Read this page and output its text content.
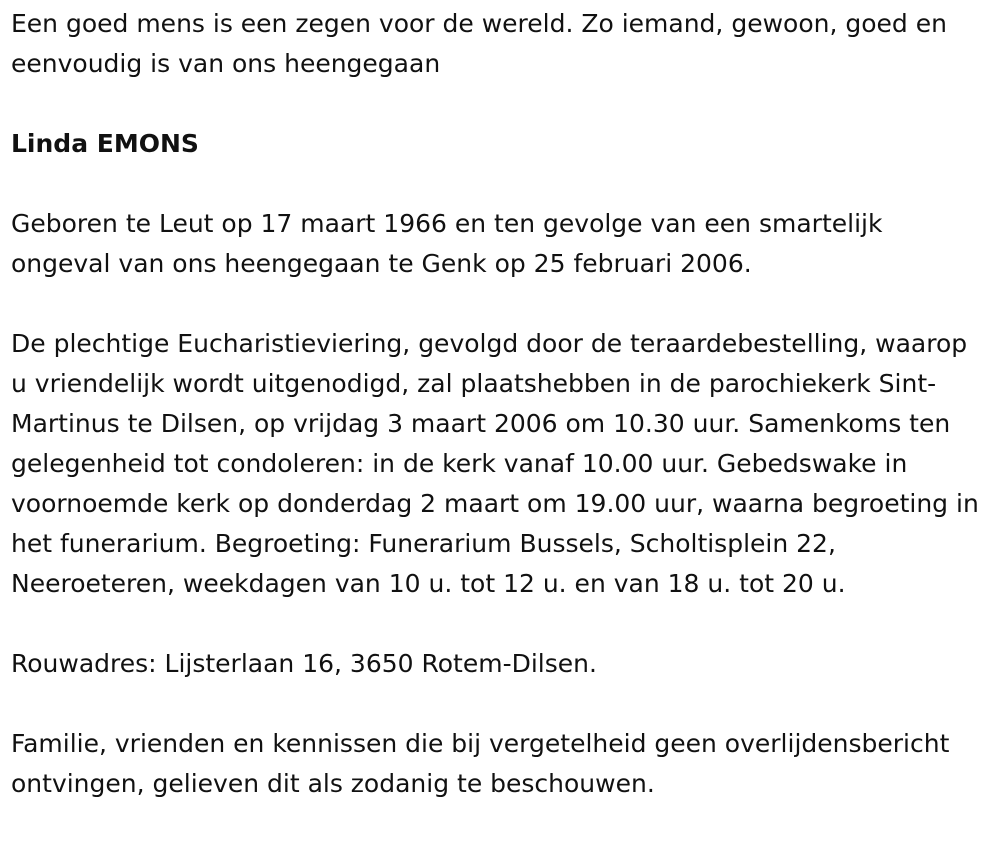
Een goed mens is een zegen voor de wereld. Zo iemand, gewoon, goed en eenvoudig is van ons heengegaan

Linda EMONS

Geboren te Leut op 17 maart 1966 en ten gevolge van een smartelijk ongeval van ons heengegaan te Genk op 25 februari 2006.

De plechtige Eucharistieviering, gevolgd door de teraardebestelling, waarop u vriendelijk wordt uitgenodigd, zal plaatshebben in de parochiekerk Sint-Martinus te Dilsen, op vrijdag 3 maart 2006 om 10.30 uur. Samenkoms ten gelegenheid tot condoleren: in de kerk vanaf 10.00 uur. Gebedswake in voornoemde kerk op donderdag 2 maart om 19.00 uur, waarna begroeting in het funerarium. Begroeting: Funerarium Bussels, Scholtisplein 22, Neeroeteren, weekdagen van 10 u. tot 12 u. en van 18 u. tot 20 u.

Rouwadres: Lijsterlaan 16, 3650 Rotem-Dilsen.

Familie, vrienden en kennissen die bij vergetelheid geen overlijdensbericht ontvingen, gelieven dit als zodanig te beschouwen.
